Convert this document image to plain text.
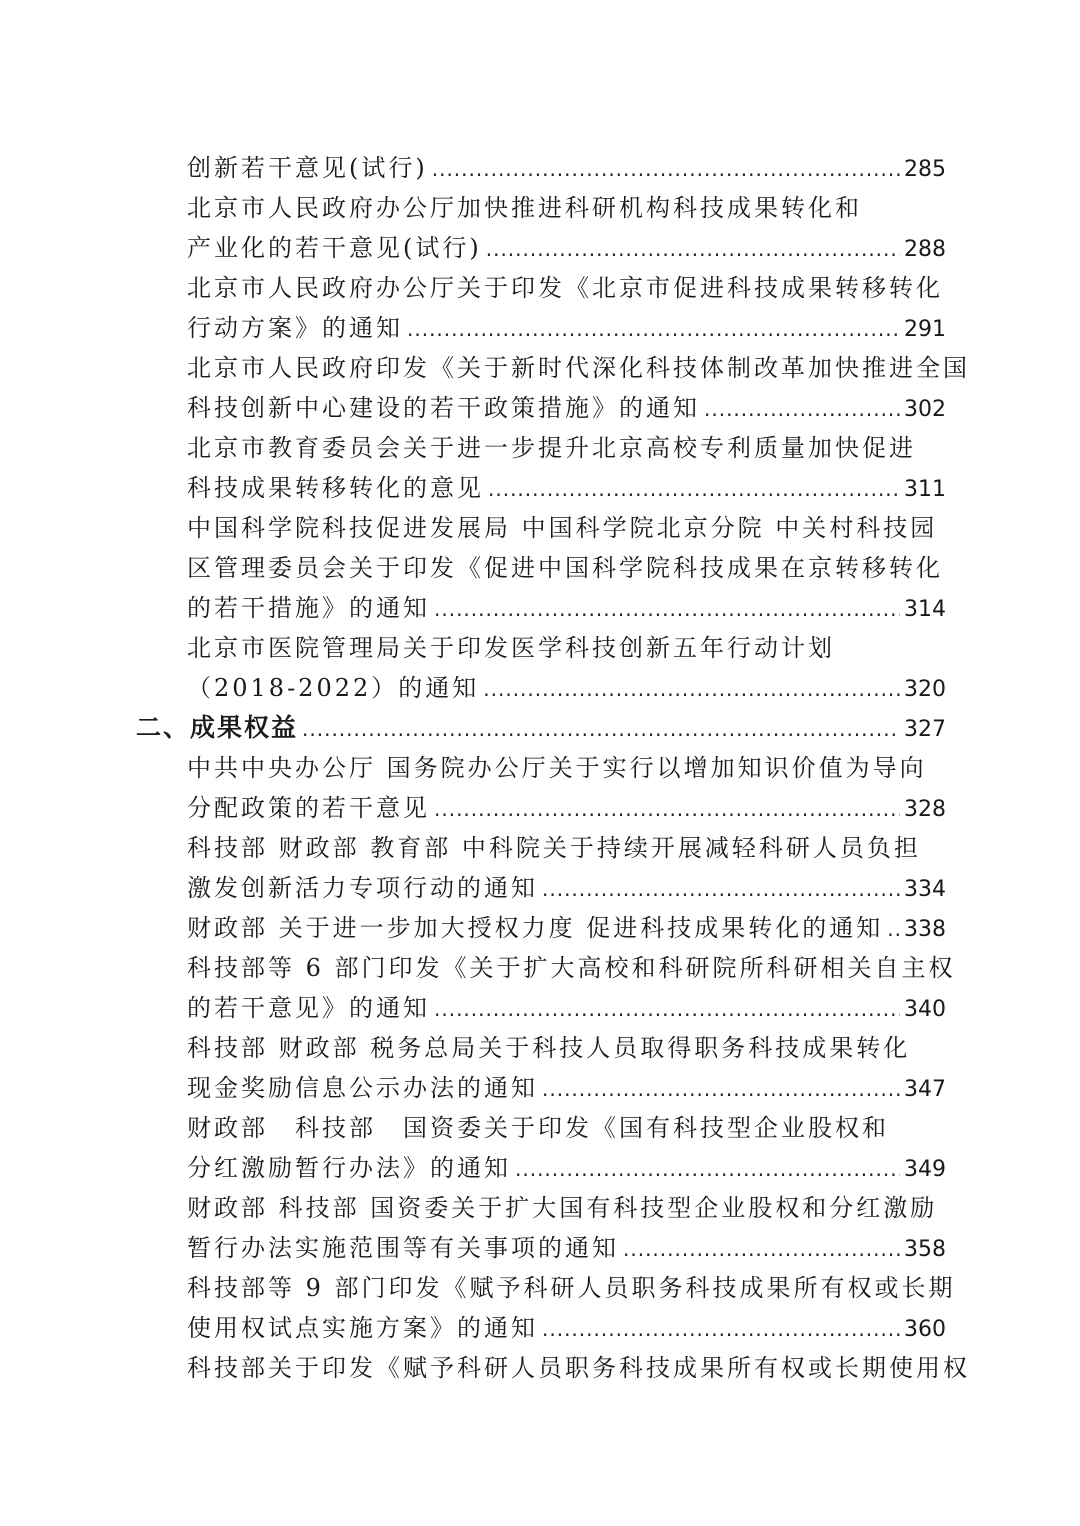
创新若干意见(试行) .....	285
北京市人民政府办公厅加快推进科研机构科技成果转化和
产业化的若干意见(试行) .....	288
北京市人民政府办公厅关于印发《北京市促进科技成果转移转化
行动方案》的通知 .....	291
北京市人民政府印发《关于新时代深化科技体制改革加快推进全国
科技创新中心建设的若干政策措施》的通知 .....	302
北京市教育委员会关于进一步提升北京高校专利质量加快促进
科技成果转移转化的意见 .....	311
中国科学院科技促进发展局 中国科学院北京分院 中关村科技园
区管理委员会关于印发《促进中国科学院科技成果在京转移转化
的若干措施》的通知 .....	314
北京市医院管理局关于印发医学科技创新五年行动计划
（2018-2022）的通知 .....	320
二、成果权益 .....	327
中共中央办公厅 国务院办公厅关于实行以增加知识价值为导向
分配政策的若干意见 .....	328
科技部 财政部 教育部 中科院关于持续开展减轻科研人员负担
激发创新活力专项行动的通知 .....	334
财政部 关于进一步加大授权力度 促进科技成果转化的通知 ..... 338
科技部等 6 部门印发《关于扩大高校和科研院所科研相关自主权
的若干意见》的通知 .....	340
科技部 财政部 税务总局关于科技人员取得职务科技成果转化
现金奖励信息公示办法的通知 .....	347
财政部　科技部　国资委关于印发《国有科技型企业股权和
分红激励暂行办法》的通知 .....	349
财政部 科技部 国资委关于扩大国有科技型企业股权和分红激励
暂行办法实施范围等有关事项的通知 .....	358
科技部等 9 部门印发《赋予科研人员职务科技成果所有权或长期
使用权试点实施方案》的通知 .....	360
科技部关于印发《赋予科研人员职务科技成果所有权或长期使用权
